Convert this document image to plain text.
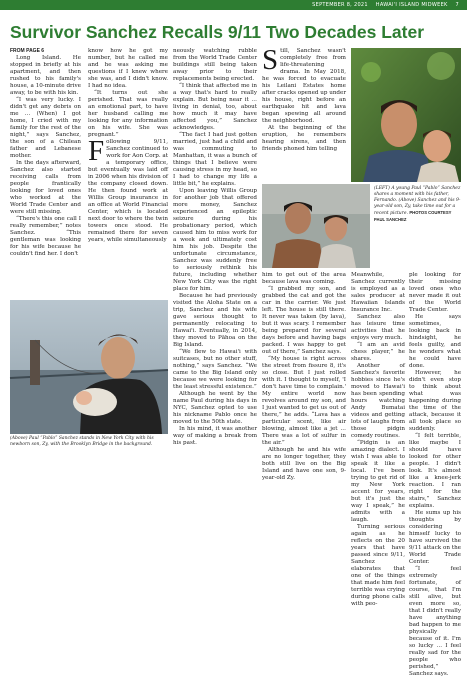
SEPTEMBER 8, 2021 HAWAI'I ISLAND MIDWEEK 7
Survivor Sanchez Recalls 9/11 Two Decades Later
FROM PAGE 6

Long Island. He stopped in briefly at his apartment, and then rushed to his family's house, a 10-minute drive away, to be with his kin.

“I was very lucky. I didn't get any debris on me … (When) I got home, I cried with my family for the rest of the night,” says Sanchez, the son of a Chilean father and Lebanese mother.

In the days afterward, Sanchez also started receiving calls from people frantically looking for loved ones who worked at the World Trade Center and were still missing.

“There's this one call I really remember,” notes Sanchez. “This gentleman was looking for his wife because he couldn't find her. I don't

know how he got my number, but he called me and he was asking me questions if I knew where she was, and I didn't know. I had no idea.

“It turns out she perished. That was really an emotional part, to have her husband calling me looking for any information on his wife. She was pregnant.”

Following 9/11, Sanchez continued to work for Aon Corp. at a temporary office, but eventually was laid off in 2006 when his division of the company closed down. He then found work at Willis Group insurance in an office at World Financial Center, which is located next door to where the twin towers once stood. He remained there for seven years, while simultaneously

(Above) Paul “Pablo” Sanchez stands in New York City with his newborn son, Zy, with the Brooklyn Bridge in the background.

neously watching rubble from the World Trade Center buildings still being taken away prior to their replacements being erected.

“I think that affected me in a way that's hard to really explain. But being near it … living in denial, too, about how much it may have affected you,” Sanchez acknowledges.

“The fact I had just gotten married, just had a child and was commuting to Manhattan, it was a bunch of things that I believe were causing stress in my head, so I had to change my life a little bit,” he explains.

Upon leaving Willis Group for another job that offered more money, Sanchez experienced an epileptic seizure during his probationary period, which caused him to miss work for a week and ultimately cost him his job. Despite the unfortunate circumstance, Sanchez was suddenly free to seriously rethink his future, including whether New York City was the right place for him.

Because he had previously visited the Aloha State on a trip, Sanchez and his wife gave serious thought to permanently relocating to Hawai'i. Eventually, in 2014, they moved to Pāhoa on the Big Island.

“We flew to Hawai'i with suitcases, but no other stuff, nothing,” says Sanchez. “We came to the Big Island only because we were looking for the least stressful existence.”

Although he went by the name Paul during his days in NYC, Sanchez opted to use his nickname Pablo once he moved to the 50th state.

In his mind, it was another way of making a break from his past.

Still, Sanchez wasn't completely free from life-threatening drama. In May 2018, he was forced to evacuate his Leilani Estates home after cracks opened up under his house, right before an earthquake hit and lava began spewing all around the neighborhood.

At the beginning of the eruption, he remembers hearing sirens, and then friends phoned him telling

(LEFT) A young Paul “Pablo” Sanchez shares a moment with his father, Fernando. (Above) Sanchez and his 9-year-old son, Zy, take time out for a recent picture. PHOTOS COURTESY PAUL SANCHEZ

him to get out of the area because lava was coming.

“I grabbed my son, and grabbed the cat and got the car in the carrier. We just left. The house is still there. It never was taken (by lava), but it was scary. I remember being prepared for several days before and having bags packed. I was happy to get out of there,” Sanchez says.

“My house is right across the street from fissure 8, it's so close. But I just rolled with it. I thought to myself, 'I don't have time to complain.' My entire world now revolves around my son, and I just wanted to get us out of there,” he adds. “Lava has a particular scent, like air blowing, almost like a jet … There was a lot of sulfur in the air.”

Although he and his wife are no longer together, they both still live on the Big Island and have one son, 9-year-old Zy.

Meanwhile, Sanchez currently is employed as a sales producer at Hawaiian Islands Insurance Inc.

Sanchez also has leisure time activities that he enjoys very much.

“I am an avid chess player,” he shares.

Another of Sanchez's favorite hobbies since he's moved to Hawai'i has been spending hours watching Andy Bumatai videos and getting lots of laughs from those pidgin comedy routines.

“Pidgin is an amazing dialect. I wish I was able to speak it like a local. I've been trying to get rid of my New York accent for years, but it's just the way I speak,” he admits with a laugh.

Turning serious again as he reflects on the 20 years that have passed since 9/11, Sanchez elaborates that one of the things that made him feel terrible was crying during phone calls with peo-

ple looking for their missing loved ones who never made it out of the World Trade Center.

He says sometimes, looking back in hindsight, he feels guilty, and he wonders what he could have done.

However, he didn't even stop to think about what was happening during the time of the attack, because it all took place so suddenly.

“I felt terrible, like maybe I should have looked for other people. I didn't look. It's almost like a knee-jerk reaction. I ran right for the stairs,” Sanchez explains.

He sums up his thoughts by considering himself lucky to have survived the 9/11 attack on the World Trade Center.

“I feel extremely fortunate, of course, that I'm still alive, but even more so, that I didn't really have anything bad happen to me physically because of it. I'm so lucky … I feel really sad for the people who perished,” Sanchez says.
